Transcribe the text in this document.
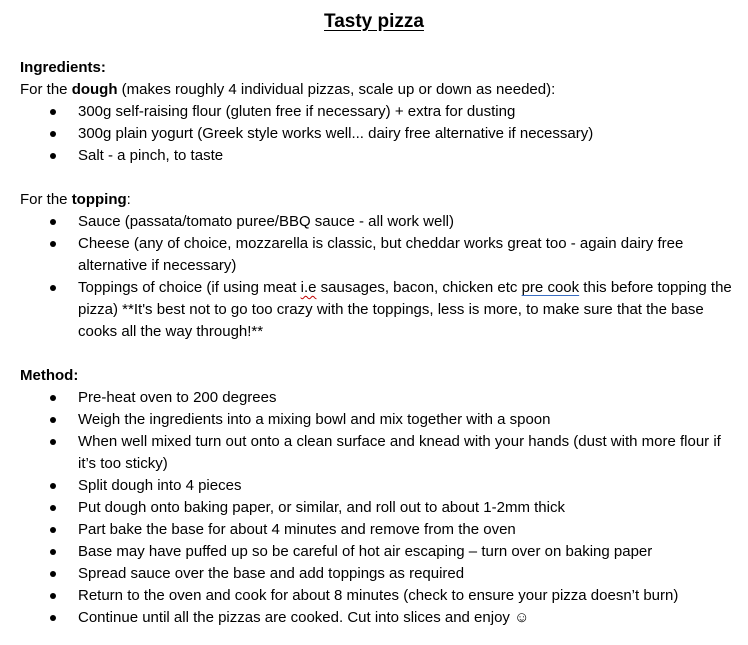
Tasty pizza
Ingredients:
For the dough (makes roughly 4 individual pizzas, scale up or down as needed):
300g self-raising flour (gluten free if necessary) + extra for dusting
300g plain yogurt (Greek style works well... dairy free alternative if necessary)
Salt - a pinch, to taste
For the topping:
Sauce (passata/tomato puree/BBQ sauce - all work well)
Cheese (any of choice, mozzarella is classic, but cheddar works great too - again dairy free alternative if necessary)
Toppings of choice (if using meat i.e sausages, bacon, chicken etc pre cook this before topping the pizza) **It's best not to go too crazy with the toppings, less is more, to make sure that the base cooks all the way through!**
Method:
Pre-heat oven to 200 degrees
Weigh the ingredients into a mixing bowl and mix together with a spoon
When well mixed turn out onto a clean surface and knead with your hands (dust with more flour if it’s too sticky)
Split dough into 4 pieces
Put dough onto baking paper, or similar, and roll out to about 1-2mm thick
Part bake the base for about 4 minutes and remove from the oven
Base may have puffed up so be careful of hot air escaping – turn over on baking paper
Spread sauce over the base and add toppings as required
Return to the oven and cook for about 8 minutes (check to ensure your pizza doesn’t burn)
Continue until all the pizzas are cooked. Cut into slices and enjoy ☺
